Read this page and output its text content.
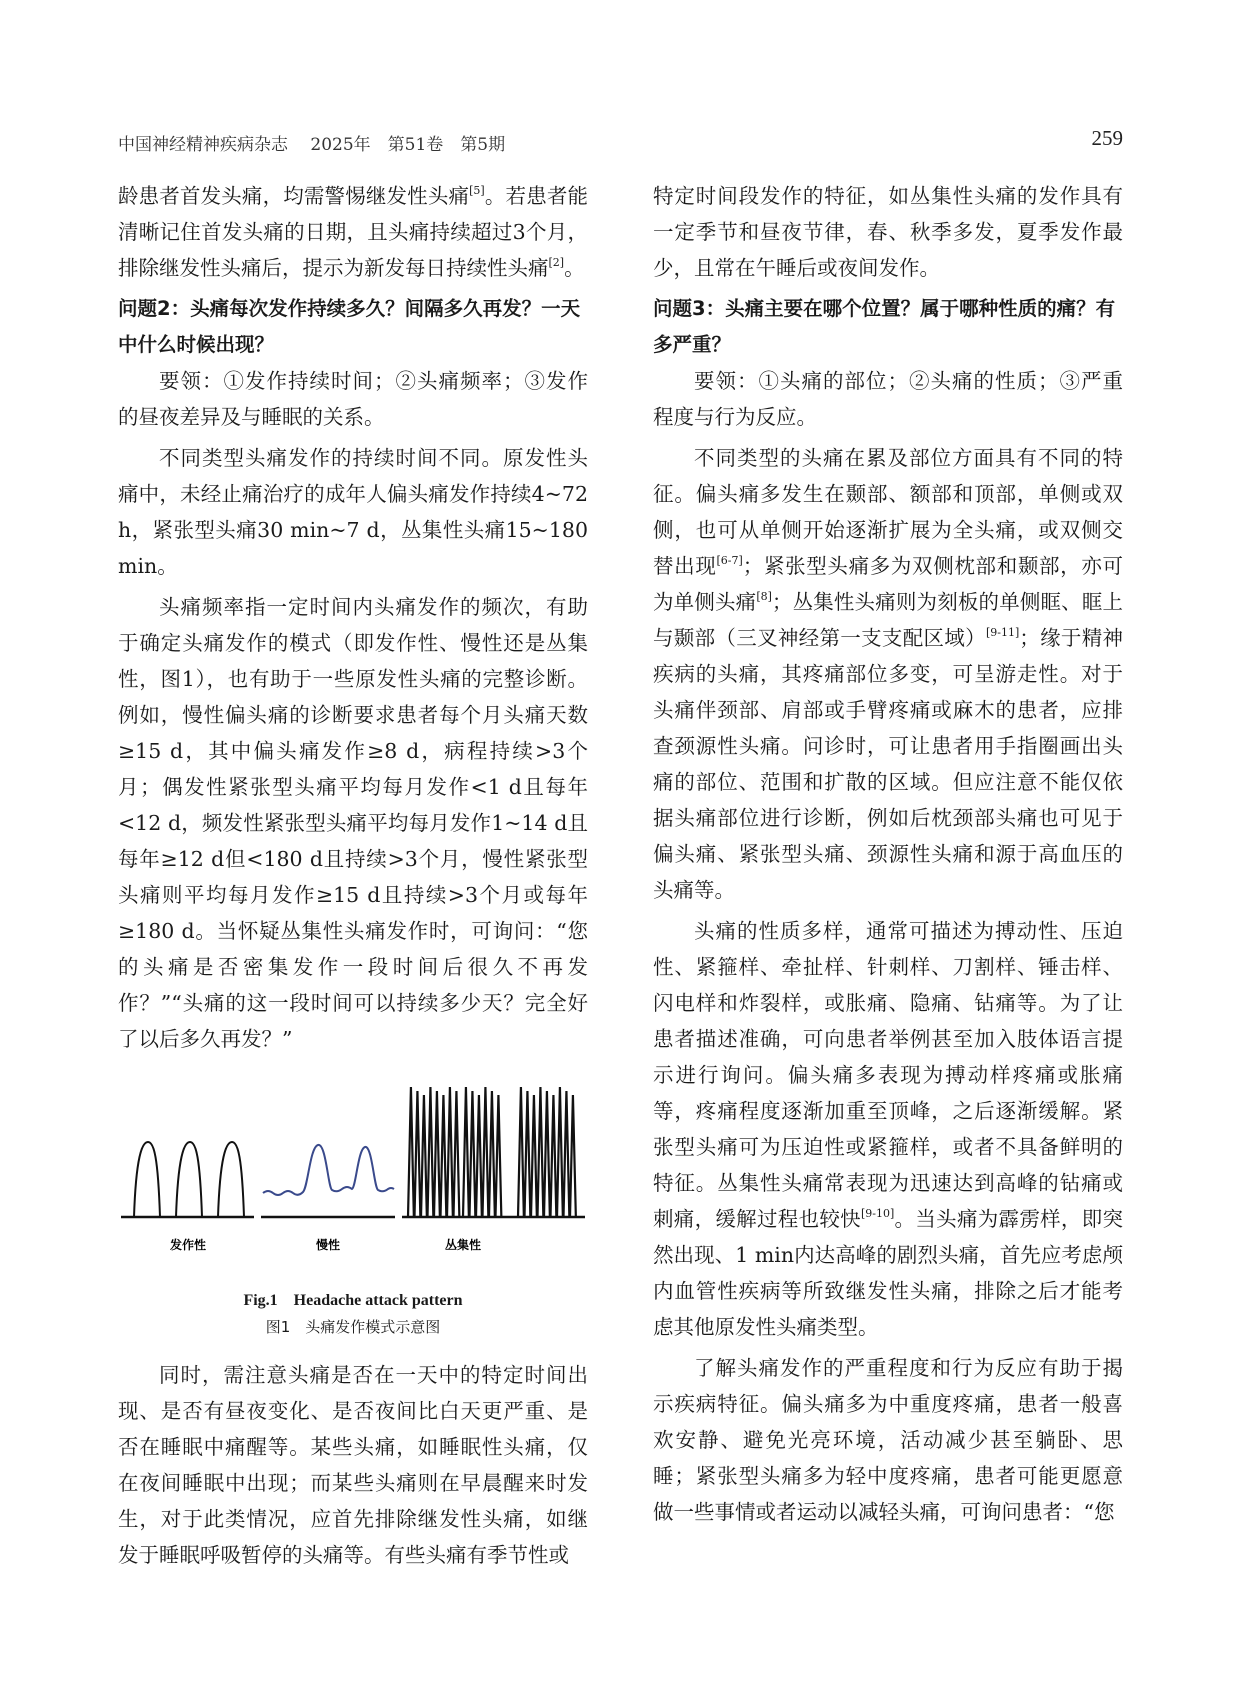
中国神经精神疾病杂志　 2025年　第51卷　第5期	259

龄患者首发头痛，均需警惕继发性头痛[5]。若患者能清晰记住首发头痛的日期，且头痛持续超过3个月，排除继发性头痛后，提示为新发每日持续性头痛[2]。

问题2：头痛每次发作持续多久？间隔多久再发？一天中什么时候出现？

要领：①发作持续时间；②头痛频率；③发作的昼夜差异及与睡眠的关系。

不同类型头痛发作的持续时间不同。原发性头痛中，未经止痛治疗的成年人偏头痛发作持续4~72 h，紧张型头痛30 min~7 d，丛集性头痛15~180 min。

头痛频率指一定时间内头痛发作的频次，有助于确定头痛发作的模式（即发作性、慢性还是丛集性，图1），也有助于一些原发性头痛的完整诊断。例如，慢性偏头痛的诊断要求患者每个月头痛天数≥15 d，其中偏头痛发作≥8 d，病程持续>3个月；偶发性紧张型头痛平均每月发作<1 d且每年<12 d，频发性紧张型头痛平均每月发作1~14 d且每年≥12 d但<180 d且持续>3个月，慢性紧张型头痛则平均每月发作≥15 d且持续>3个月或每年≥180 d。当怀疑丛集性头痛发作时，可询问：“您的头痛是否密集发作一段时间后很久不再发作？”“头痛的这一段时间可以持续多少天？完全好了以后多久再发？”

发作性	慢性	丛集性
Fig.1　Headache attack pattern
图1　头痛发作模式示意图

同时，需注意头痛是否在一天中的特定时间出现、是否有昼夜变化、是否夜间比白天更严重、是否在睡眠中痛醒等。某些头痛，如睡眠性头痛，仅在夜间睡眠中出现；而某些头痛则在早晨醒来时发生，对于此类情况，应首先排除继发性头痛，如继发于睡眠呼吸暂停的头痛等。有些头痛有季节性或

特定时间段发作的特征，如丛集性头痛的发作具有一定季节和昼夜节律，春、秋季多发，夏季发作最少，且常在午睡后或夜间发作。

问题3：头痛主要在哪个位置？属于哪种性质的痛？有多严重？

要领：①头痛的部位；②头痛的性质；③严重程度与行为反应。

不同类型的头痛在累及部位方面具有不同的特征。偏头痛多发生在颞部、额部和顶部，单侧或双侧，也可从单侧开始逐渐扩展为全头痛，或双侧交替出现[6-7]；紧张型头痛多为双侧枕部和颞部，亦可为单侧头痛[8]；丛集性头痛则为刻板的单侧眶、眶上与颞部（三叉神经第一支支配区域）[9-11]；缘于精神疾病的头痛，其疼痛部位多变，可呈游走性。对于头痛伴颈部、肩部或手臂疼痛或麻木的患者，应排查颈源性头痛。问诊时，可让患者用手指圈画出头痛的部位、范围和扩散的区域。但应注意不能仅依据头痛部位进行诊断，例如后枕颈部头痛也可见于偏头痛、紧张型头痛、颈源性头痛和源于高血压的头痛等。

头痛的性质多样，通常可描述为搏动性、压迫性、紧箍样、牵扯样、针刺样、刀割样、锤击样、闪电样和炸裂样，或胀痛、隐痛、钻痛等。为了让患者描述准确，可向患者举例甚至加入肢体语言提示进行询问。偏头痛多表现为搏动样疼痛或胀痛等，疼痛程度逐渐加重至顶峰，之后逐渐缓解。紧张型头痛可为压迫性或紧箍样，或者不具备鲜明的特征。丛集性头痛常表现为迅速达到高峰的钻痛或刺痛，缓解过程也较快[9-10]。当头痛为霹雳样，即突然出现、1 min内达高峰的剧烈头痛，首先应考虑颅内血管性疾病等所致继发性头痛，排除之后才能考虑其他原发性头痛类型。

了解头痛发作的严重程度和行为反应有助于揭示疾病特征。偏头痛多为中重度疼痛，患者一般喜欢安静、避免光亮环境，活动减少甚至躺卧、思睡；紧张型头痛多为轻中度疼痛，患者可能更愿意做一些事情或者运动以减轻头痛，可询问患者：“您
